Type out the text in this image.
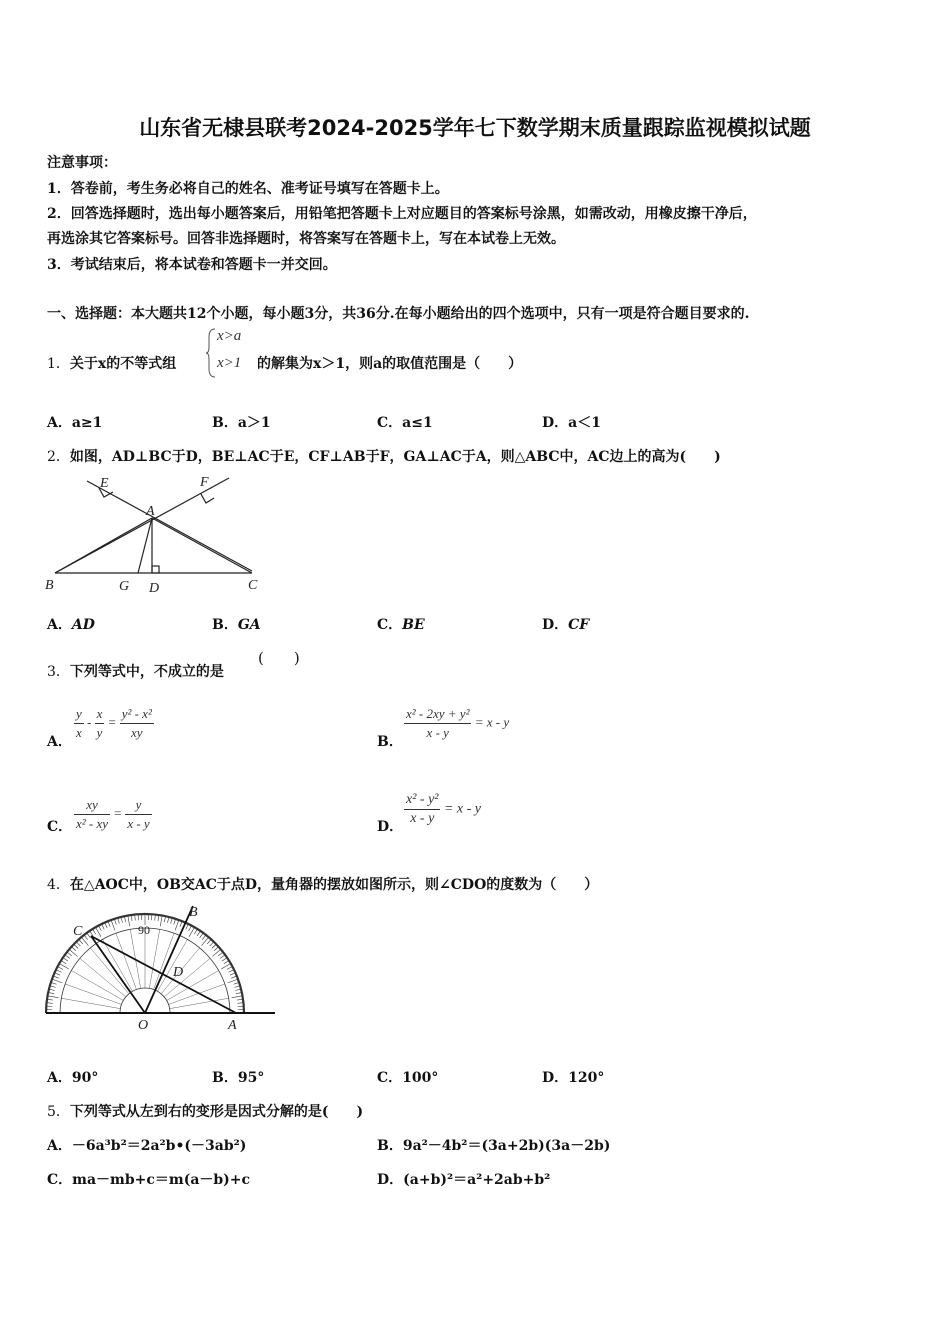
山东省无棣县联考2024-2025学年七下数学期末质量跟踪监视模拟试题
注意事项：
1．答卷前，考生务必将自己的姓名、准考证号填写在答题卡上。
2．回答选择题时，选出每小题答案后，用铅笔把答题卡上对应题目的答案标号涂黑，如需改动，用橡皮擦干净后，
再选涂其它答案标号。回答非选择题时，将答案写在答题卡上，写在本试卷上无效。
3．考试结束后，将本试卷和答题卡一并交回。
一、选择题：本大题共12个小题，每小题3分，共36分.在每小题给出的四个选项中，只有一项是符合题目要求的.
1．关于x的不等式组
x>a
x>1 的解集为x＞1，则a的取值范围是（　　）
A．a≥1	B．a＞1	C．a≤1	D．a＜1
2．如图，AD⊥BC于D，BE⊥AC于E，CF⊥AB于F，GA⊥AC于A，则△ABC中，AC边上的高为(　　)
E	F
A
B	G D	C
A．AD	B．GA	C．BE	D．CF
3．下列等式中，不成立的是
(　　)
A． $\frac{y}{x} - \frac{x}{y} = \frac{\text{y² - x²}}{xy}$	B． $\frac{\text{x² - 2xy + y²}}{x - y} = x - y$
C． $\frac{xy}{\text{x² - xy}} = \frac{y}{x - y}$	D． $\frac{\text{x² - y²}}{x - y} = x - y$
4．在△AOC中，OB交AC于点D，量角器的摆放如图所示，则∠CDO的度数为（　　）
90
B
C
D
O	A
A．90°	B．95°	C．100°	D．120°
5．下列等式从左到右的变形是因式分解的是(　　)
A．－6a³b²＝2a²b•(－3ab²)	B．9a²－4b²＝(3a+2b)(3a－2b)
C．ma－mb+c＝m(a－b)+c	D．(a+b)²＝a²+2ab+b²
